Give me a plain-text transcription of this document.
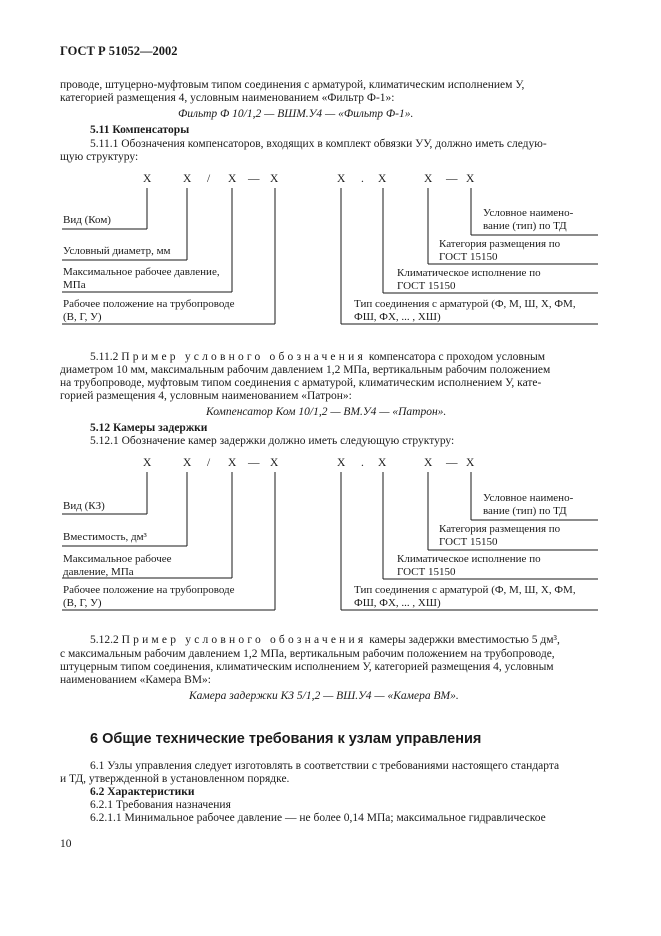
ГОСТ Р 51052—2002
проводе, штуцерно-муфтовым типом соединения с арматурой, климатическим исполнением У,
категорией размещения 4, условным наименованием «Фильтр Ф-1»:
Фильтр Ф 10/1,2 — ВШМ.У4 — «Фильтр Ф-1».
5.11 Компенсаторы
5.11.1 Обозначения компенсаторов, входящих в комплект обвязки УУ, должно иметь следую-
щую структуру:
X	X / X — X	X . X	X — X
Вид (Ком)
Условный диаметр, мм
Максимальное рабочее давление,
МПа
Рабочее положение на трубопроводе
(В, Г, У)
Условное наимено-
вание (тип) по ТД
Категория размещения по
ГОСТ 15150
Климатическое исполнение по
ГОСТ 15150
Тип соединения с арматурой (Ф, М, Ш, Х, ФМ,
ФШ, ФХ, ... , ХШ)
5.11.2 Пример условного обозначения компенсатора с проходом условным
диаметром 10 мм, максимальным рабочим давлением 1,2 МПа, вертикальным рабочим положением
на трубопроводе, муфтовым типом соединения с арматурой, климатическим исполнением У, кате-
горией размещения 4, условным наименованием «Патрон»:
Компенсатор Ком 10/1,2 — ВМ.У4 — «Патрон».
5.12 Камеры задержки
5.12.1 Обозначение камер задержки должно иметь следующую структуру:
X	X / X — X	X . X	X — X
Вид (КЗ)
Вместимость, дм³
Максимальное рабочее
давление, МПа
Рабочее положение на трубопроводе
(В, Г, У)
Условное наимено-
вание (тип) по ТД
Категория размещения по
ГОСТ 15150
Климатическое исполнение по
ГОСТ 15150
Тип соединения с арматурой (Ф, М, Ш, Х, ФМ,
ФШ, ФХ, ... , ХШ)
5.12.2 Пример условного обозначения камеры задержки вместимостью 5 дм³,
с максимальным рабочим давлением 1,2 МПа, вертикальным рабочим положением на трубопроводе,
штуцерным типом соединения, климатическим исполнением У, категорией размещения 4, условным
наименованием «Камера ВМ»:
Камера задержки КЗ 5/1,2 — ВШ.У4 — «Камера ВМ».
6 Общие технические требования к узлам управления
6.1 Узлы управления следует изготовлять в соответствии с требованиями настоящего стандарта
и ТД, утвержденной в установленном порядке.
6.2 Характеристики
6.2.1 Требования назначения
6.2.1.1 Минимальное рабочее давление — не более 0,14 МПа; максимальное гидравлическое
10
